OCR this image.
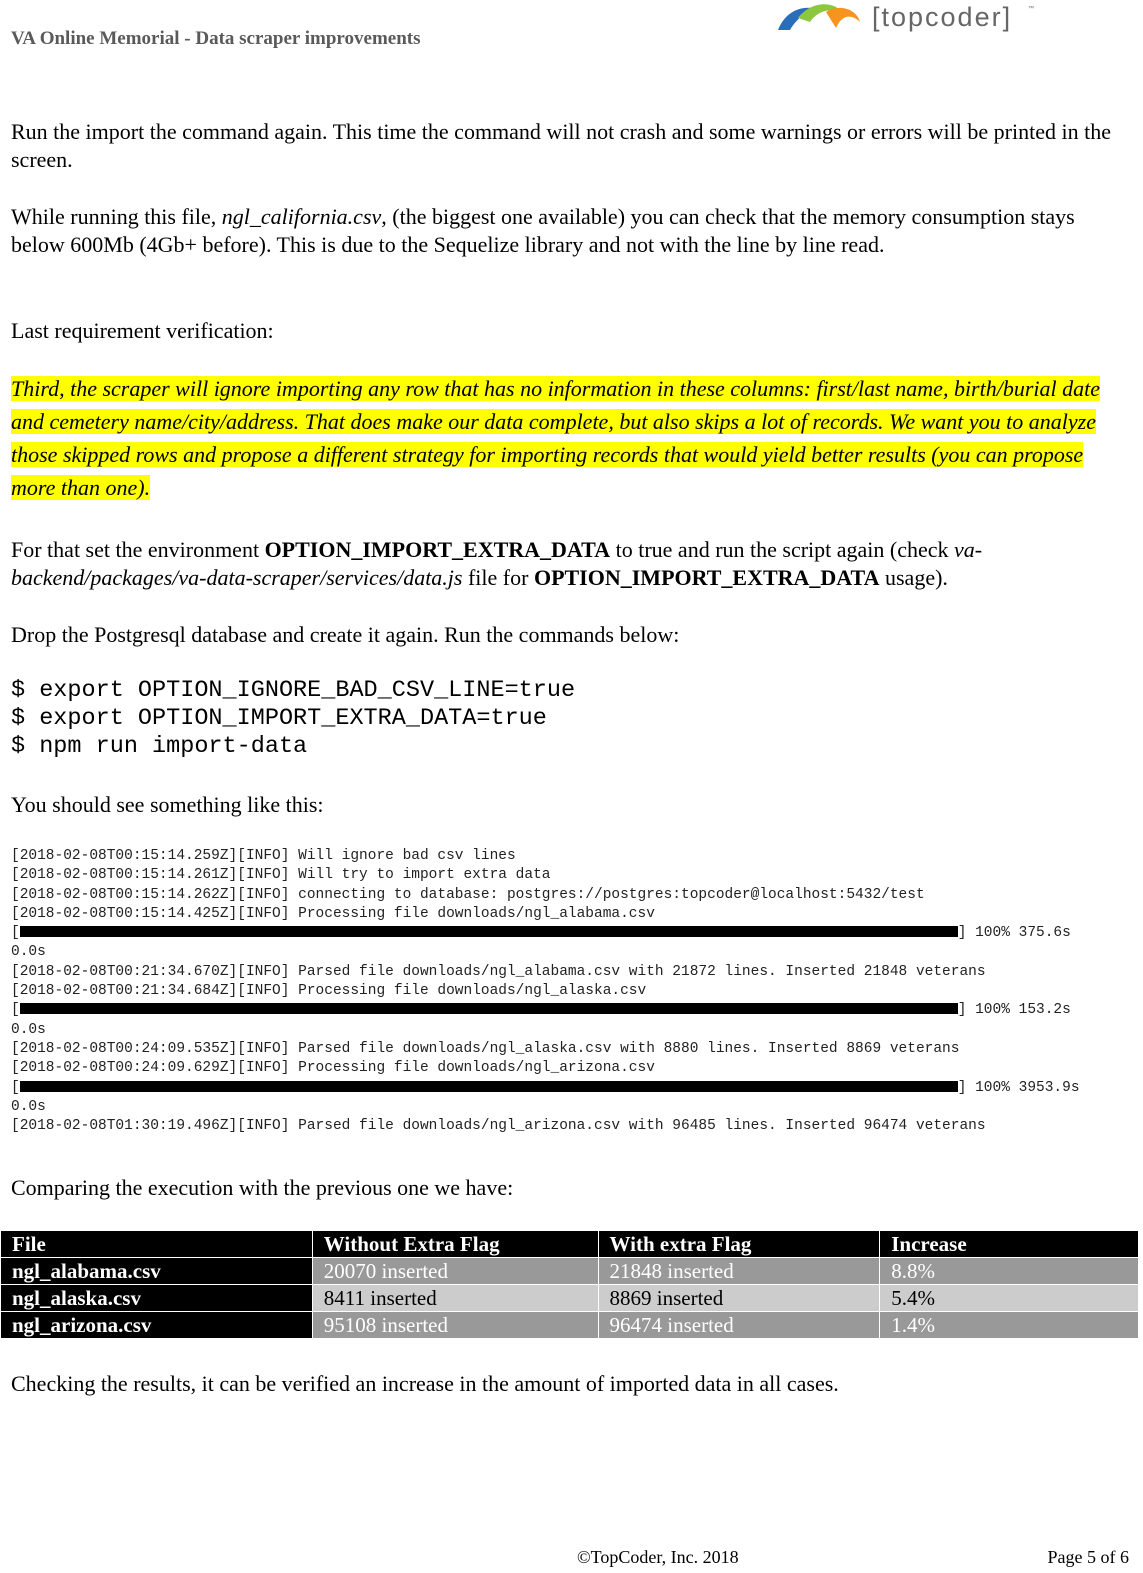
VA Online Memorial - Data scraper improvements
[topcoder]	™

Run the import the command again. This time the command will not crash and some warnings or errors will be printed in the screen.

While running this file, ngl_california.csv, (the biggest one available) you can check that the memory consumption stays below 600Mb (4Gb+ before). This is due to the Sequelize library and not with the line by line read.

Last requirement verification:

Third, the scraper will ignore importing any row that has no information in these columns: first/last name, birth/burial date and cemetery name/city/address. That does make our data complete, but also skips a lot of records. We want you to analyze those skipped rows and propose a different strategy for importing records that would yield better results (you can propose more than one).

For that set the environment OPTION_IMPORT_EXTRA_DATA to true and run the script again (check va-backend/packages/va-data-scraper/services/data.js file for OPTION_IMPORT_EXTRA_DATA usage).

Drop the Postgresql database and create it again. Run the commands below:

$ export OPTION_IGNORE_BAD_CSV_LINE=true
$ export OPTION_IMPORT_EXTRA_DATA=true
$ npm run import-data

You should see something like this:

[2018-02-08T00:15:14.259Z][INFO] Will ignore bad csv lines
[2018-02-08T00:15:14.261Z][INFO] Will try to import extra data
[2018-02-08T00:15:14.262Z][INFO] connecting to database: postgres://postgres:topcoder@localhost:5432/test
[2018-02-08T00:15:14.425Z][INFO] Processing file downloads/ngl_alabama.csv
[	] 100% 375.6s
0.0s
[2018-02-08T00:21:34.670Z][INFO] Parsed file downloads/ngl_alabama.csv with 21872 lines. Inserted 21848 veterans
[2018-02-08T00:21:34.684Z][INFO] Processing file downloads/ngl_alaska.csv
[	] 100% 153.2s
0.0s
[2018-02-08T00:24:09.535Z][INFO] Parsed file downloads/ngl_alaska.csv with 8880 lines. Inserted 8869 veterans
[2018-02-08T00:24:09.629Z][INFO] Processing file downloads/ngl_arizona.csv
[	] 100% 3953.9s
0.0s
[2018-02-08T01:30:19.496Z][INFO] Parsed file downloads/ngl_arizona.csv with 96485 lines. Inserted 96474 veterans

Comparing the execution with the previous one we have:

File	Without Extra Flag	With extra Flag	Increase
ngl_alabama.csv	20070 inserted	21848 inserted	8.8%
ngl_alaska.csv	8411 inserted	8869 inserted	5.4%
ngl_arizona.csv	95108 inserted	96474 inserted	1.4%

Checking the results, it can be verified an increase in the amount of imported data in all cases.

©TopCoder, Inc. 2018	Page 5 of 6
